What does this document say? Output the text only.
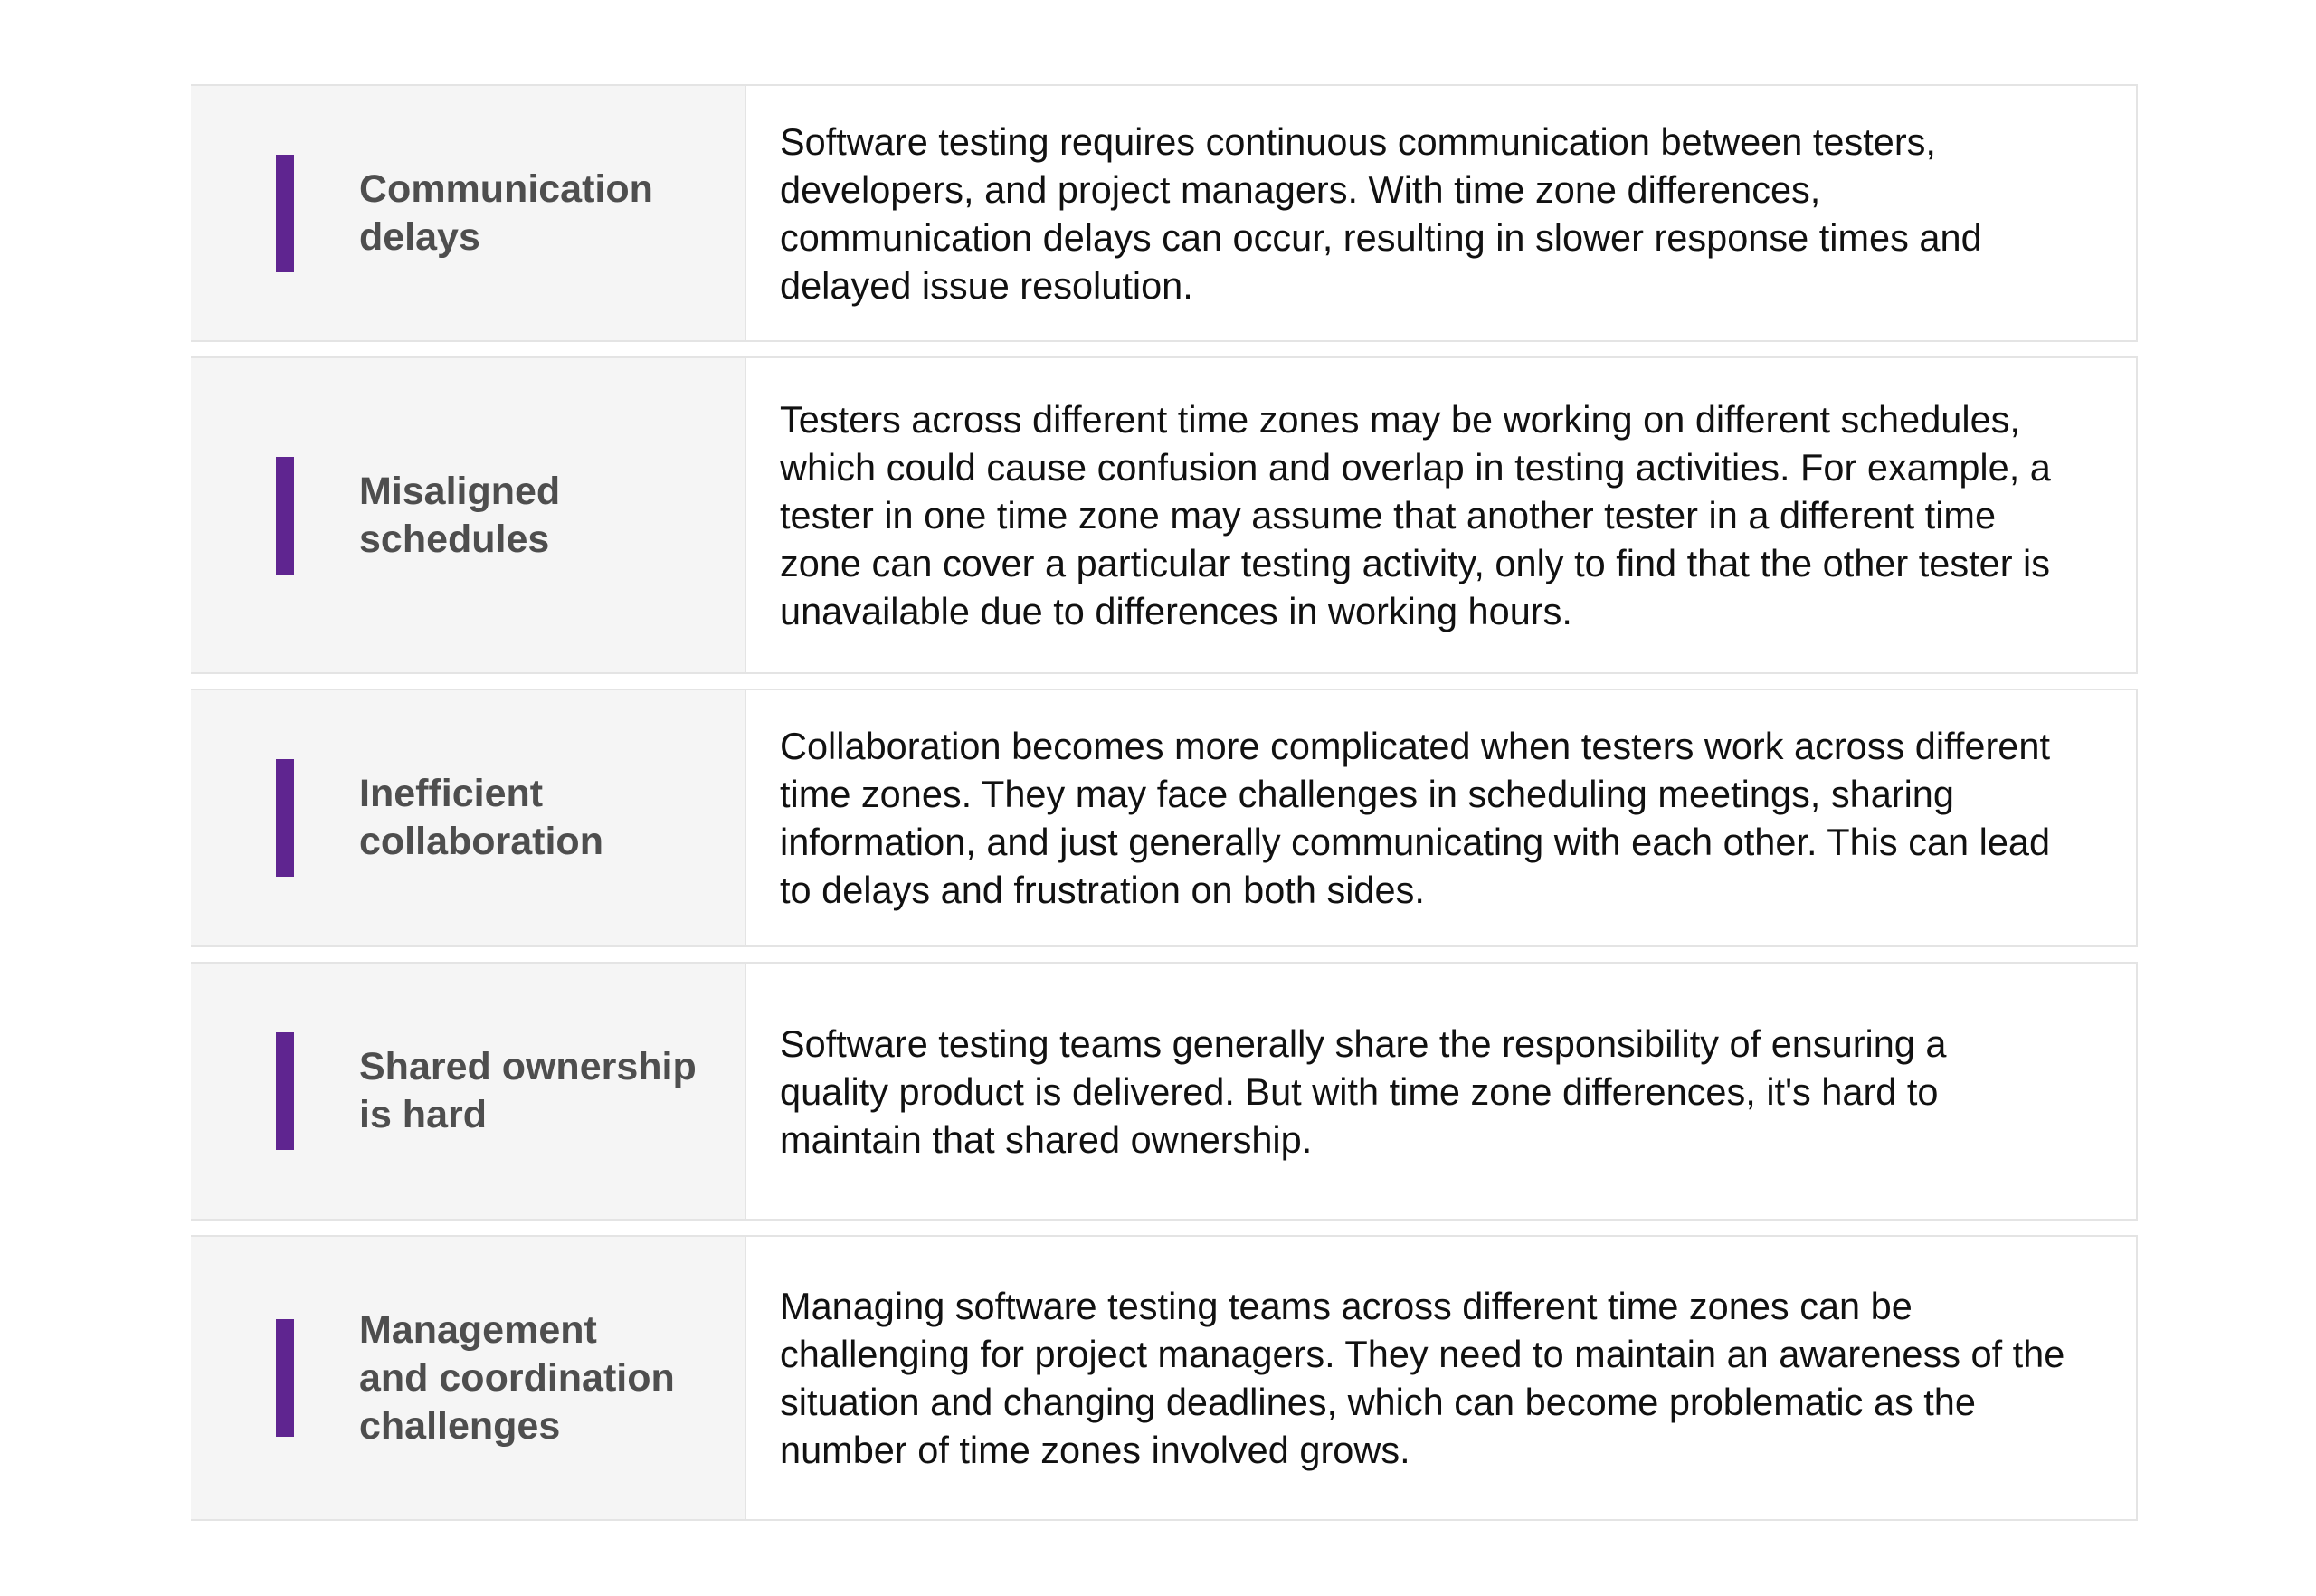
Communication
delays
Software testing requires continuous communication between testers, developers, and project managers. With time zone differences, communication delays can occur, resulting in slower response times and delayed issue resolution.
Misaligned
schedules
Testers across different time zones may be working on different schedules, which could cause confusion and overlap in testing activities. For example, a tester in one time zone may assume that another tester in a different time zone can cover a particular testing activity, only to find that the other tester is unavailable due to differences in working hours.
Inefficient
collaboration
Collaboration becomes more complicated when testers work across different time zones. They may face challenges in scheduling meetings, sharing information, and just generally communicating with each other. This can lead to delays and frustration on both sides.
Shared ownership
is hard
Software testing teams generally share the responsibility of ensuring a quality product is delivered. But with time zone differences, it's hard to maintain that shared ownership.
Management
and coordination
challenges
Managing software testing teams across different time zones can be challenging for project managers. They need to maintain an awareness of the situation and changing deadlines, which can become problematic as the number of time zones involved grows.
